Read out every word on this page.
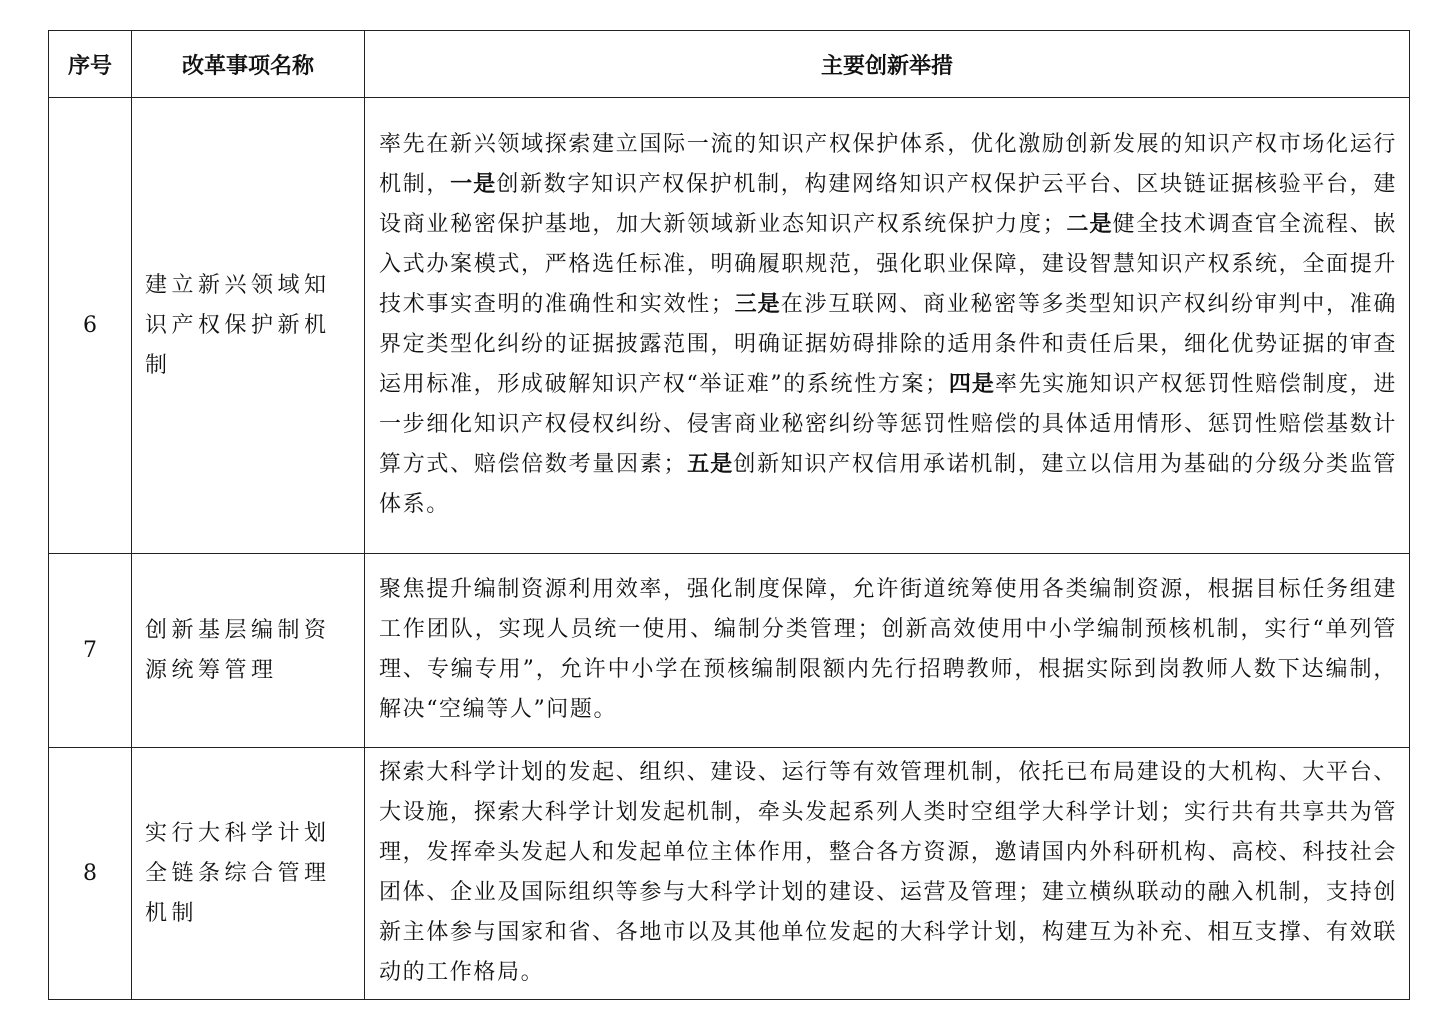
序号	改革事项名称	主要创新举措
6	建立新兴领域知识产权保护新机制	率先在新兴领域探索建立国际一流的知识产权保护体系，优化激励创新发展的知识产权市场化运行机制，一是创新数字知识产权保护机制，构建网络知识产权保护云平台、区块链证据核验平台，建设商业秘密保护基地，加大新领域新业态知识产权系统保护力度；二是健全技术调查官全流程、嵌入式办案模式，严格选任标准，明确履职规范，强化职业保障，建设智慧知识产权系统，全面提升技术事实查明的准确性和实效性；三是在涉互联网、商业秘密等多类型知识产权纠纷审判中，准确界定类型化纠纷的证据披露范围，明确证据妨碍排除的适用条件和责任后果，细化优势证据的审查运用标准，形成破解知识产权“举证难”的系统性方案；四是率先实施知识产权惩罚性赔偿制度，进一步细化知识产权侵权纠纷、侵害商业秘密纠纷等惩罚性赔偿的具体适用情形、惩罚性赔偿基数计算方式、赔偿倍数考量因素；五是创新知识产权信用承诺机制，建立以信用为基础的分级分类监管体系。
7	创新基层编制资源统筹管理	聚焦提升编制资源利用效率，强化制度保障，允许街道统筹使用各类编制资源，根据目标任务组建工作团队，实现人员统一使用、编制分类管理；创新高效使用中小学编制预核机制，实行“单列管理、专编专用”，允许中小学在预核编制限额内先行招聘教师，根据实际到岗教师人数下达编制，解决“空编等人”问题。
8	实行大科学计划全链条综合管理机制	探索大科学计划的发起、组织、建设、运行等有效管理机制，依托已布局建设的大机构、大平台、大设施，探索大科学计划发起机制，牵头发起系列人类时空组学大科学计划；实行共有共享共为管理，发挥牵头发起人和发起单位主体作用，整合各方资源，邀请国内外科研机构、高校、科技社会团体、企业及国际组织等参与大科学计划的建设、运营及管理；建立横纵联动的融入机制，支持创新主体参与国家和省、各地市以及其他单位发起的大科学计划，构建互为补充、相互支撑、有效联动的工作格局。
